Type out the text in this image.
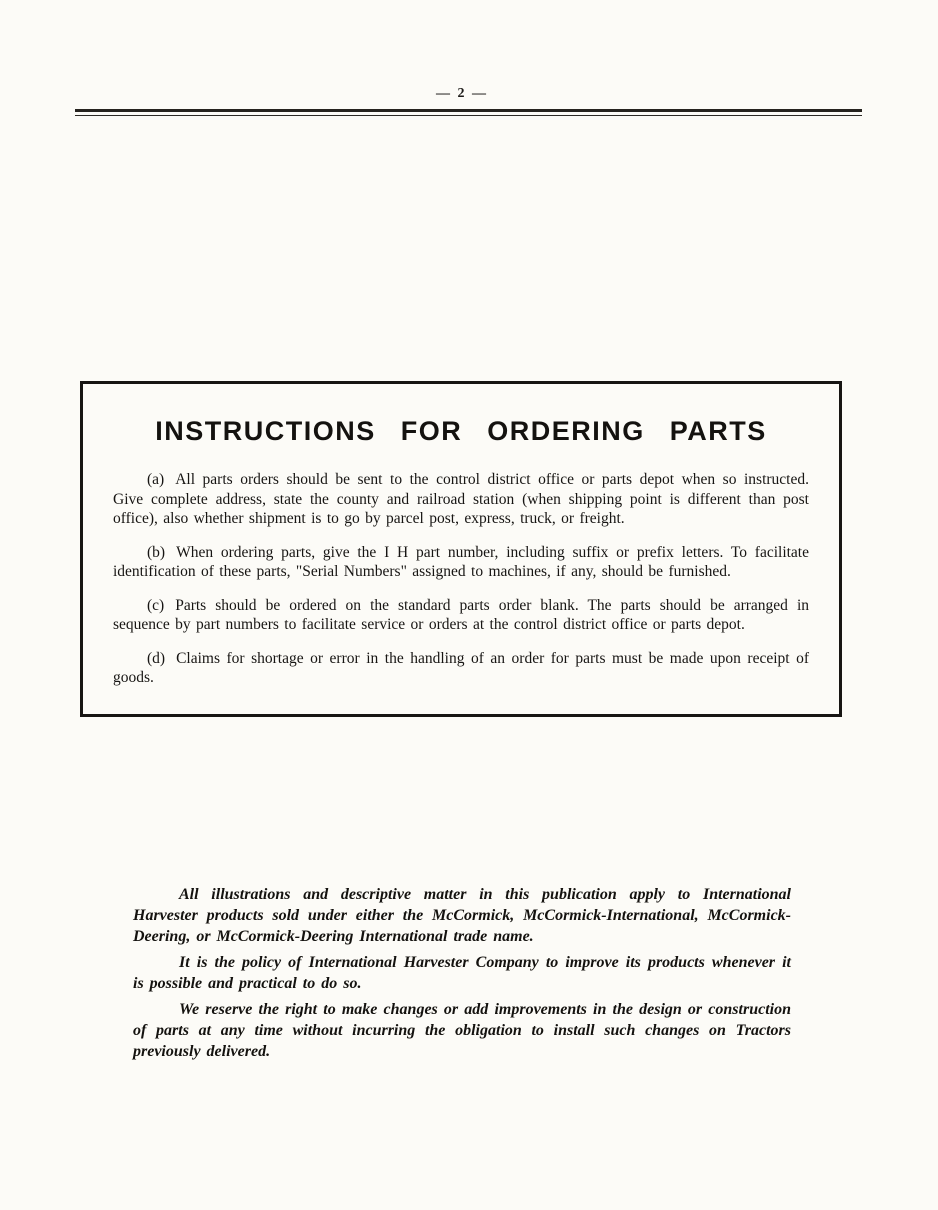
— 2 —
INSTRUCTIONS FOR ORDERING PARTS

(a) All parts orders should be sent to the control district office or parts depot when so instructed. Give complete address, state the county and railroad station (when shipping point is different than post office), also whether shipment is to go by parcel post, express, truck, or freight.

(b) When ordering parts, give the I H part number, including suffix or prefix letters. To facilitate identification of these parts, "Serial Numbers" assigned to machines, if any, should be furnished.

(c) Parts should be ordered on the standard parts order blank. The parts should be arranged in sequence by part numbers to facilitate service or orders at the control district office or parts depot.

(d) Claims for shortage or error in the handling of an order for parts must be made upon receipt of goods.

All illustrations and descriptive matter in this publication apply to International Harvester products sold under either the McCormick, McCormick-International, McCormick-Deering, or McCormick-Deering International trade name.

It is the policy of International Harvester Company to improve its products whenever it is possible and practical to do so.

We reserve the right to make changes or add improvements in the design or construction of parts at any time without incurring the obligation to install such changes on Tractors previously delivered.
